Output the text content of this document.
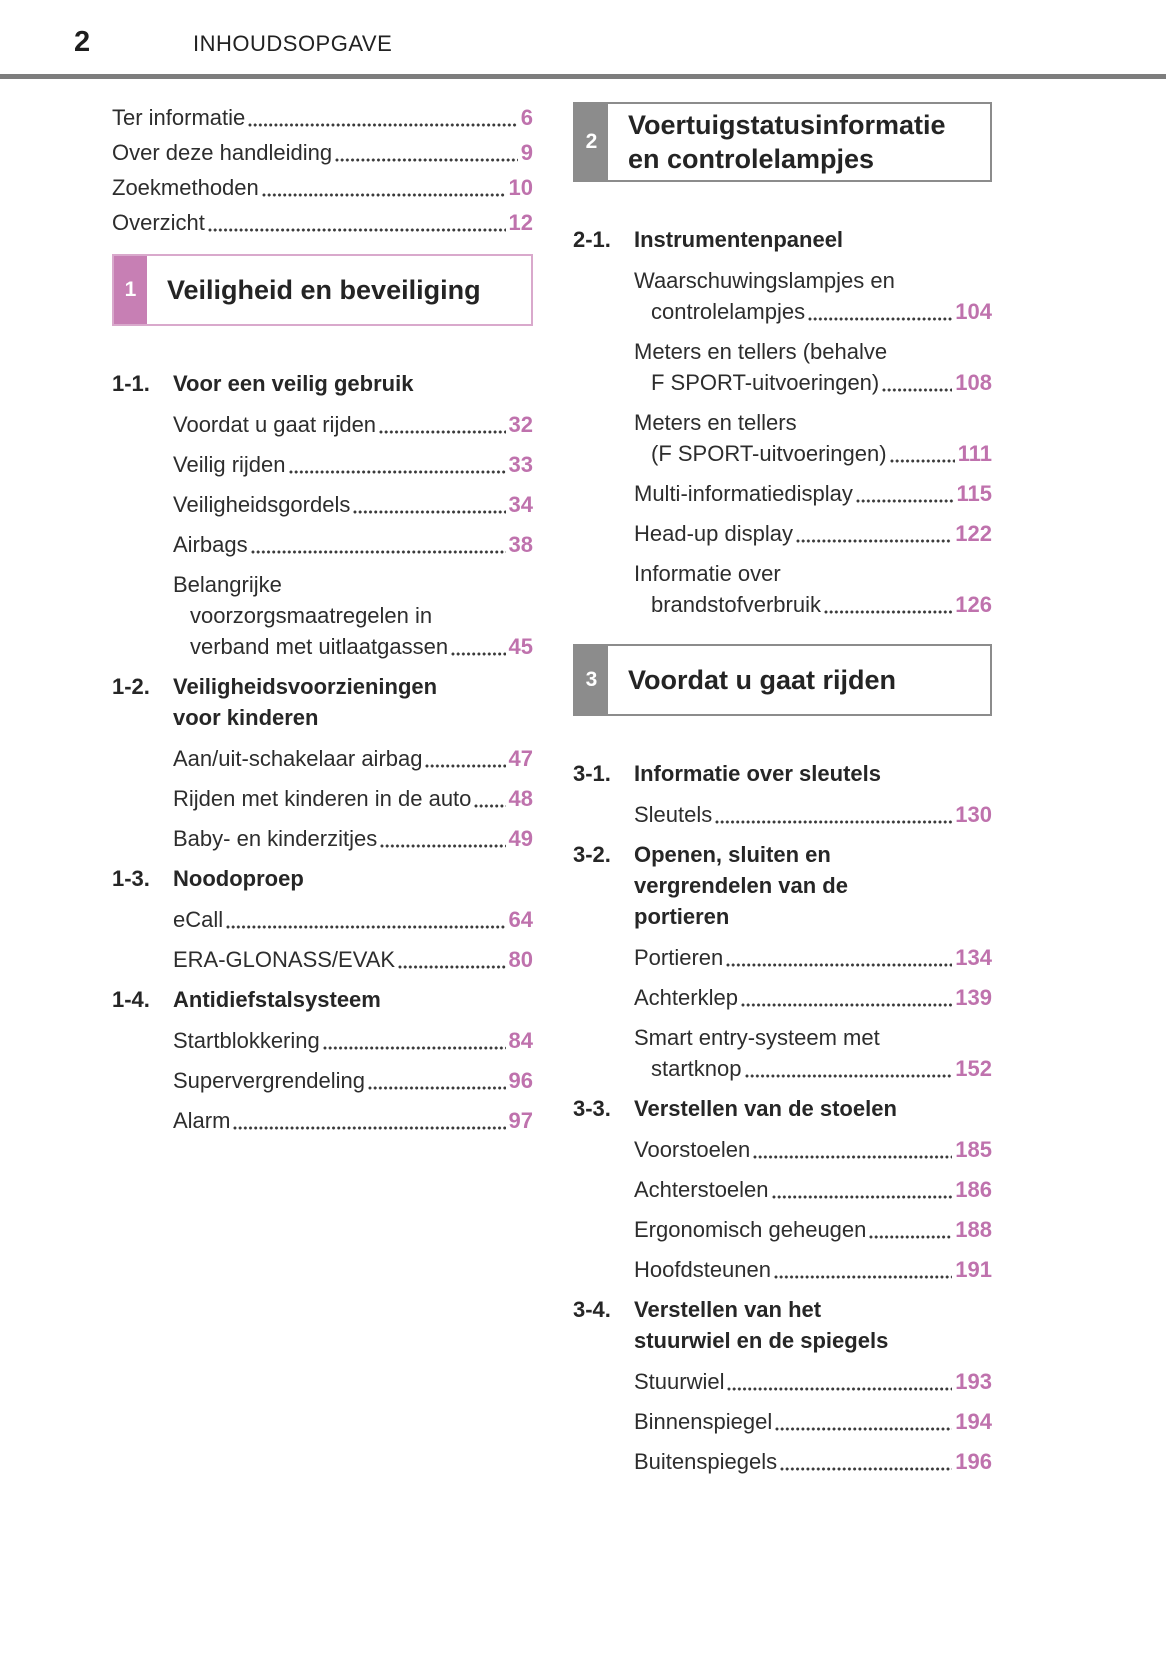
2	INHOUDSOPGAVE
Ter informatie	6
Over deze handleiding	9
Zoekmethoden	10
Overzicht	12
1	Veiligheid en beveiliging
1-1.	Voor een veilig gebruik
Voordat u gaat rijden	32
Veilig rijden	33
Veiligheidsgordels	34
Airbags	38
Belangrijke
voorzorgsmaatregelen in
verband met uitlaatgassen	45
1-2.	Veiligheidsvoorzieningen
voor kinderen
Aan/uit-schakelaar airbag	47
Rijden met kinderen in de auto 48
Baby- en kinderzitjes	49
1-3.	Noodoproep
eCall	64
ERA-GLONASS/EVAK	80
1-4.	Antidiefstalsysteem
Startblokkering	84
Supervergrendeling	96
Alarm	97
2
Voertuigstatusinformatie
en controlelampjes
2-1.	Instrumentenpaneel
Waarschuwingslampjes en
controlelampjes	104
Meters en tellers (behalve
F SPORT-uitvoeringen)	108
Meters en tellers
(F SPORT-uitvoeringen)	111
Multi-informatiedisplay	115
Head-up display	122
Informatie over
brandstofverbruik	126
3	Voordat u gaat rijden
3-1.	Informatie over sleutels
Sleutels	130
3-2.	Openen, sluiten en
vergrendelen van de
portieren
Portieren	134
Achterklep	139
Smart entry-systeem met
startknop	152
3-3.	Verstellen van de stoelen
Voorstoelen	185
Achterstoelen	186
Ergonomisch geheugen	188
Hoofdsteunen	191
3-4.	Verstellen van het
stuurwiel en de spiegels
Stuurwiel	193
Binnenspiegel	194
Buitenspiegels	196
